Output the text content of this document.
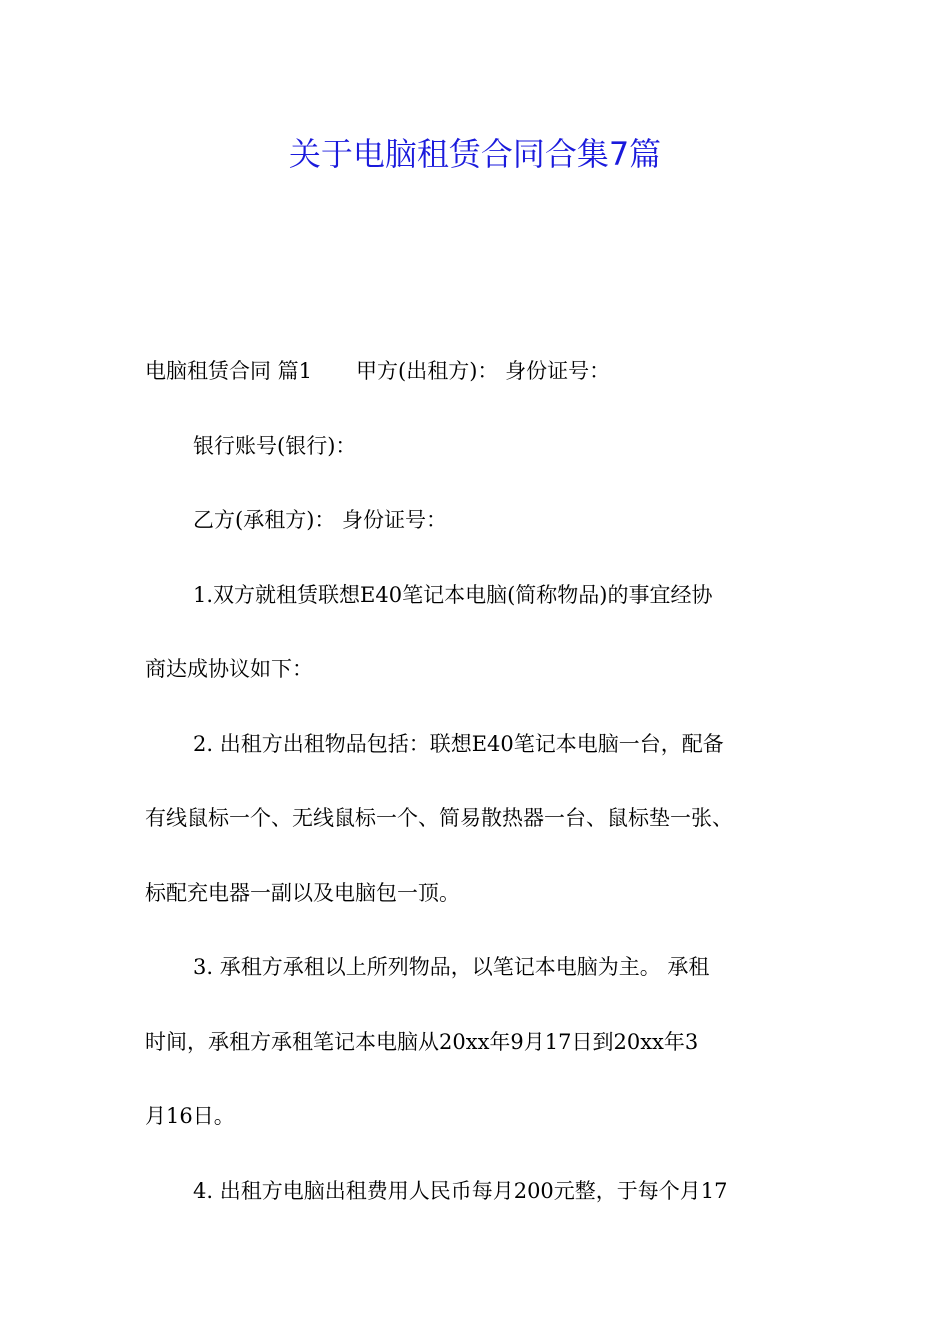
关于电脑租赁合同合集7篇
电脑租赁合同 篇1 甲方(出租方)： 身份证号：
银行账号(银行)：
乙方(承租方)： 身份证号：
1.双方就租赁联想E40笔记本电脑(简称物品)的事宜经协
商达成协议如下：
2. 出租方出租物品包括：联想E40笔记本电脑一台，配备
有线鼠标一个、无线鼠标一个、简易散热器一台、鼠标垫一张、
标配充电器一副以及电脑包一顶。
3. 承租方承租以上所列物品，以笔记本电脑为主。 承租
时间，承租方承租笔记本电脑从20xx年9月17日到20xx年3
月16日。
4. 出租方电脑出租费用人民币每月200元整，于每个月17
